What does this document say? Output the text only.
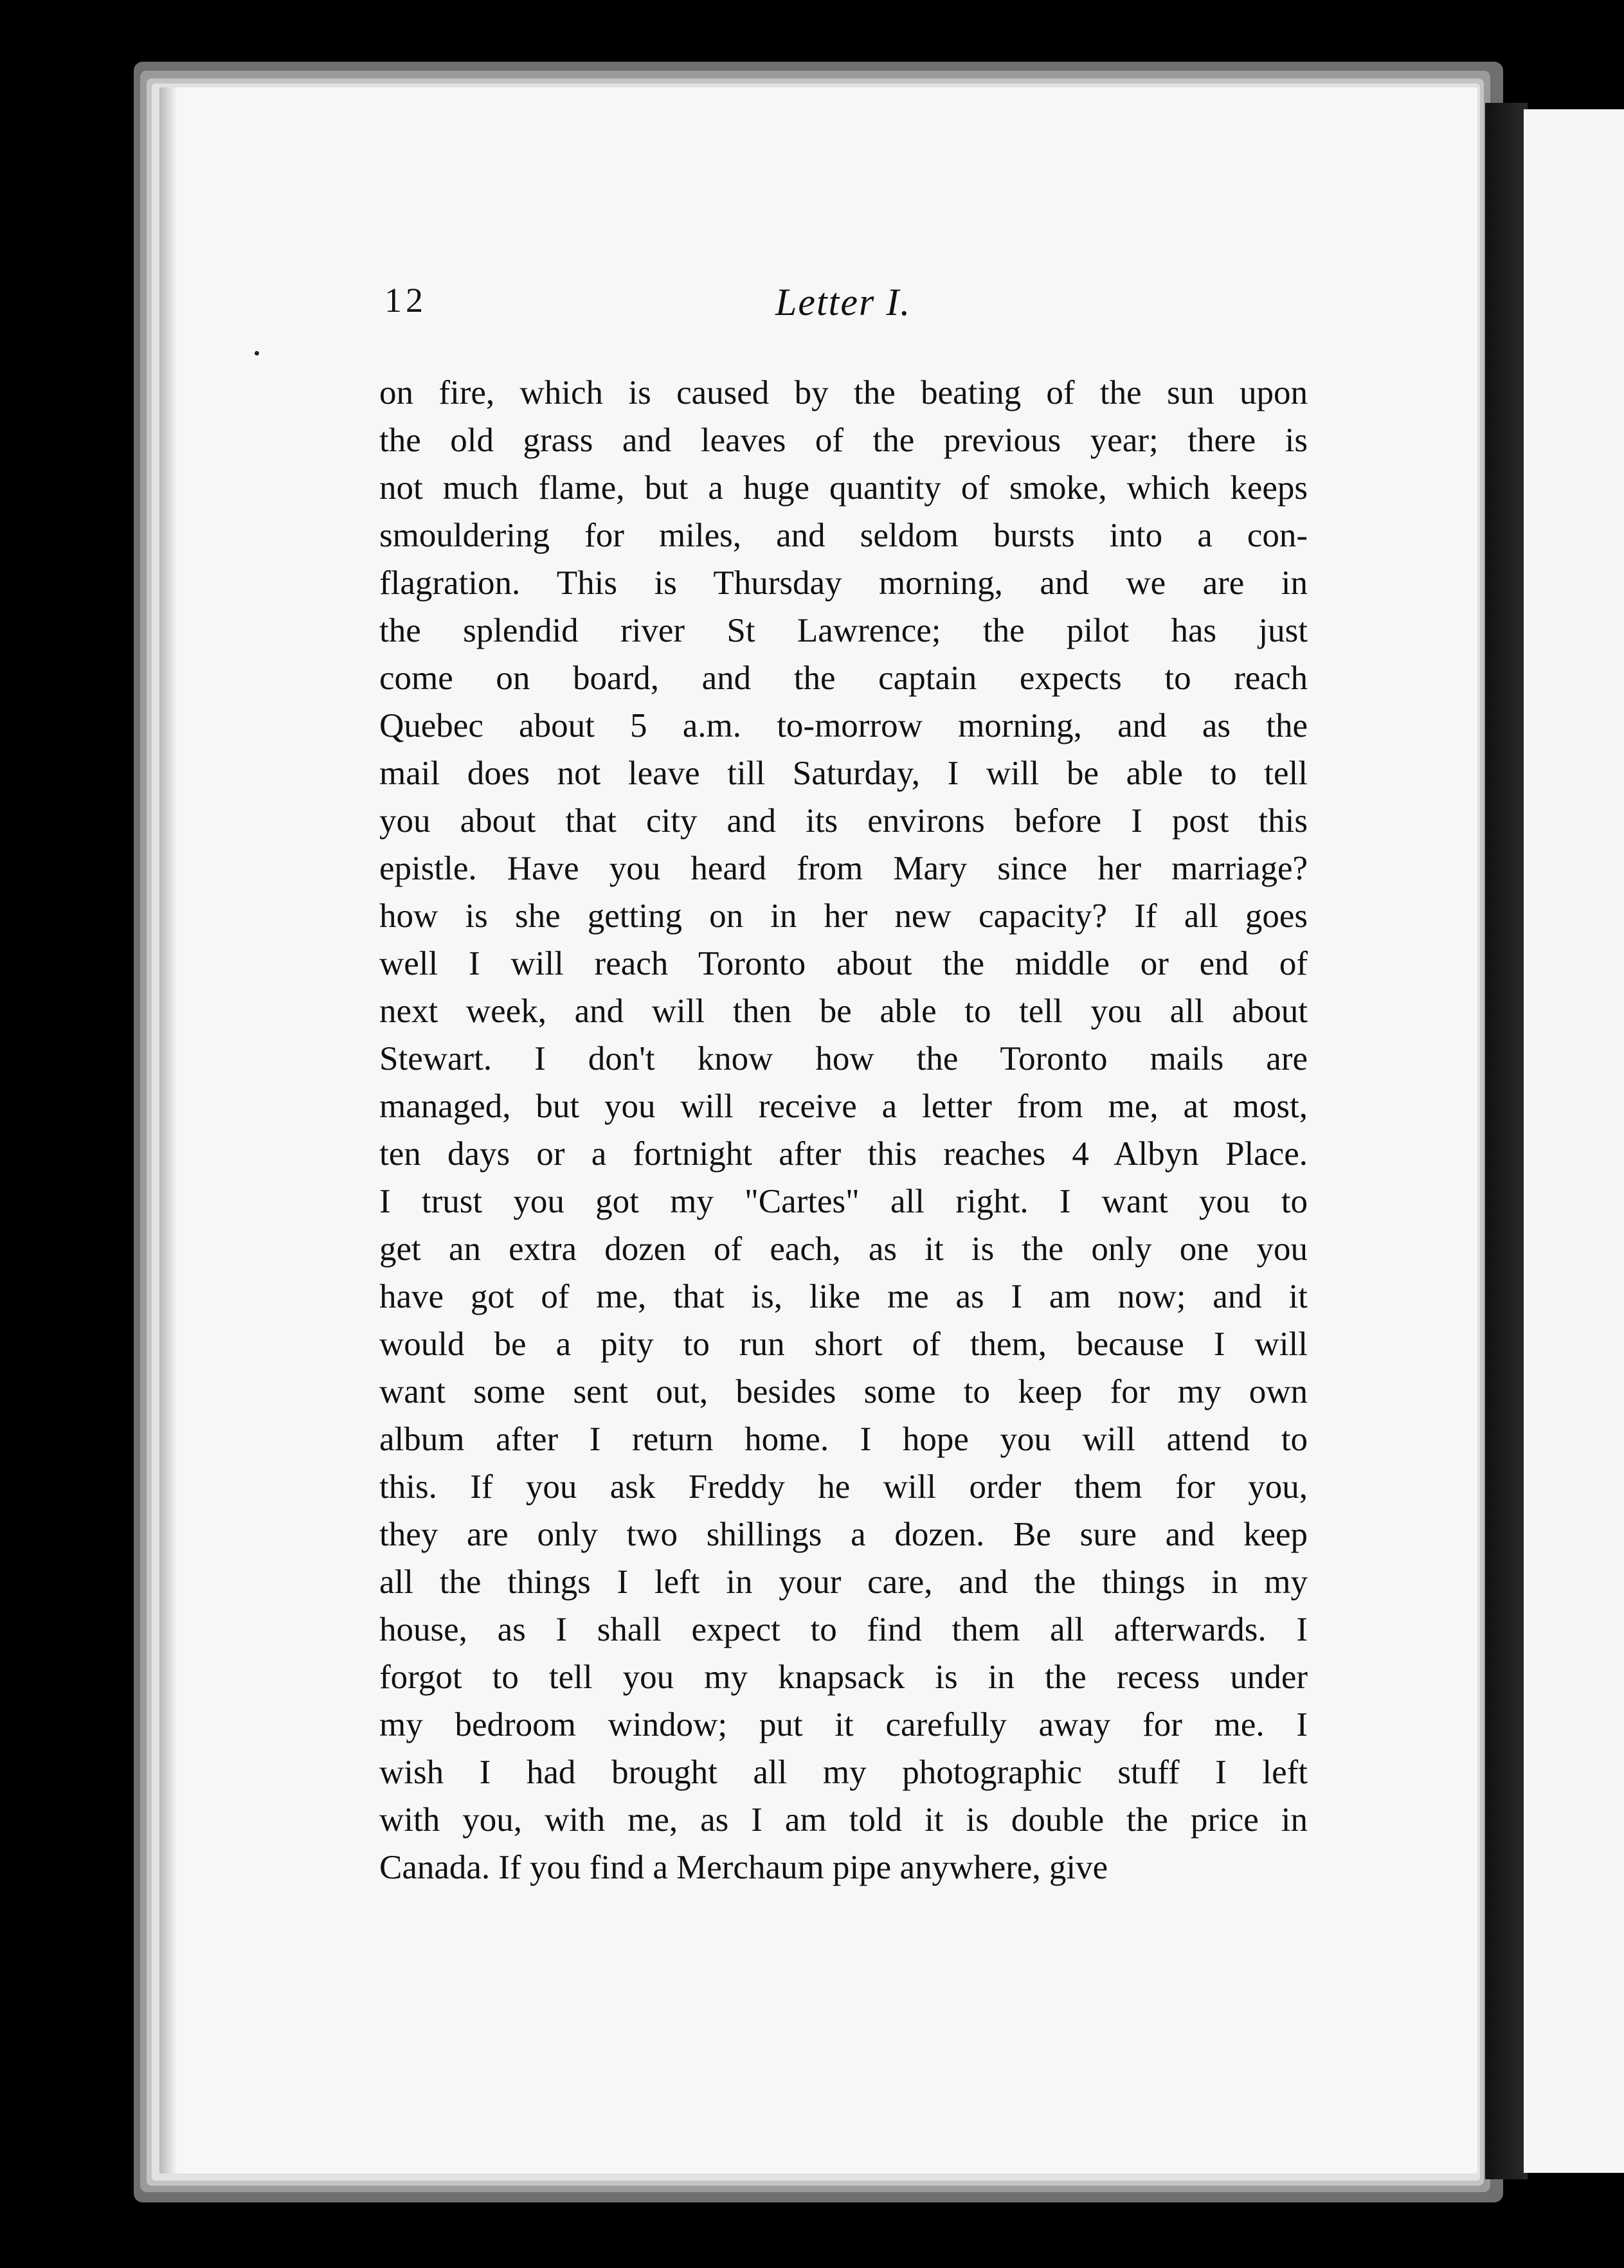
12	Letter I.
on fire, which is caused by the beating of the sun upon
the old grass and leaves of the previous year; there is
not much flame, but a huge quantity of smoke, which keeps
smouldering for miles, and seldom bursts into a con-
flagration. This is Thursday morning, and we are in
the splendid river St Lawrence; the pilot has just
come on board, and the captain expects to reach
Quebec about 5 a.m. to-morrow morning, and as the
mail does not leave till Saturday, I will be able to tell
you about that city and its environs before I post this
epistle. Have you heard from Mary since her marriage?
how is she getting on in her new capacity? If all goes
well I will reach Toronto about the middle or end of
next week, and will then be able to tell you all about
Stewart. I don't know how the Toronto mails are
managed, but you will receive a letter from me, at most,
ten days or a fortnight after this reaches 4 Albyn Place.
I trust you got my "Cartes" all right. I want you to
get an extra dozen of each, as it is the only one you
have got of me, that is, like me as I am now; and it
would be a pity to run short of them, because I will
want some sent out, besides some to keep for my own
album after I return home. I hope you will attend to
this. If you ask Freddy he will order them for you,
they are only two shillings a dozen. Be sure and keep
all the things I left in your care, and the things in my
house, as I shall expect to find them all afterwards. I
forgot to tell you my knapsack is in the recess under
my bedroom window; put it carefully away for me. I
wish I had brought all my photographic stuff I left
with you, with me, as I am told it is double the price in
Canada. If you find a Merchaum pipe anywhere, give
